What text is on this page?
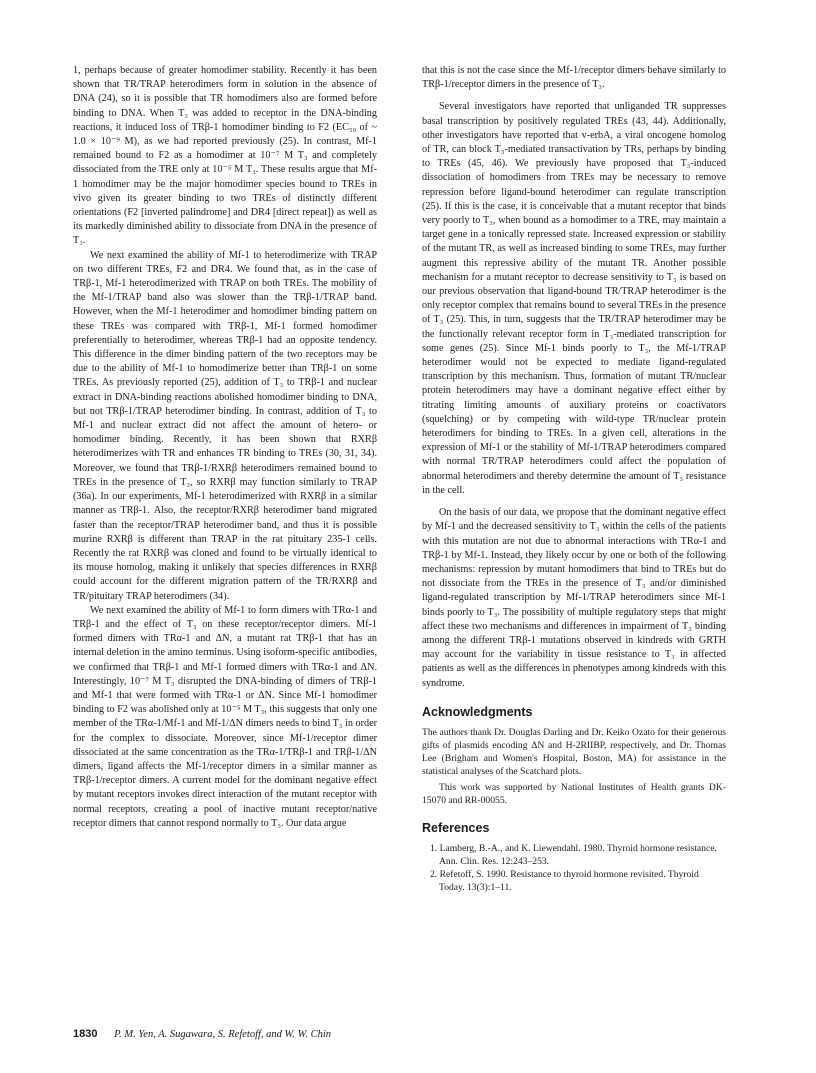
1, perhaps because of greater homodimer stability. Recently it has been shown that TR/TRAP heterodimers form in solution in the absence of DNA (24), so it is possible that TR homodimers also are formed before binding to DNA. When T₃ was added to receptor in the DNA-binding reactions, it induced loss of TRβ-1 homodimer binding to F2 (EC₅₀ of ~ 1.0 × 10⁻⁹ M), as we had reported previously (25). In contrast, Mf-1 remained bound to F2 as a homodimer at 10⁻⁷ M T₃ and completely dissociated from the TRE only at 10⁻⁵ M T₃. These results argue that Mf-1 homodimer may be the major homodimer species bound to TREs in vivo given its greater binding to two TREs of distinctly different orientations (F2 [inverted palindrome] and DR4 [direct repeat]) as well as its markedly diminished ability to dissociate from DNA in the presence of T₃.

We next examined the ability of Mf-1 to heterodimerize with TRAP on two different TREs, F2 and DR4. We found that, as in the case of TRβ-1, Mf-1 heterodimerized with TRAP on both TREs. The mobility of the Mf-1/TRAP band also was slower than the TRβ-1/TRAP band. However, when the Mf-1 heterodimer and homodimer binding pattern on these TREs was compared with TRβ-1, Mf-1 formed homodimer preferentially to heterodimer, whereas TRβ-1 had an opposite tendency. This difference in the dimer binding pattern of the two receptors may be due to the ability of Mf-1 to homodimerize better than TRβ-1 on some TREs. As previously reported (25), addition of T₃ to TRβ-1 and nuclear extract in DNA-binding reactions abolished homodimer binding to DNA, but not TRβ-1/TRAP heterodimer binding. In contrast, addition of T₃ to Mf-1 and nuclear extract did not affect the amount of hetero- or homodimer binding. Recently, it has been shown that RXRβ heterodimerizes with TR and enhances TR binding to TREs (30, 31, 34). Moreover, we found that TRβ-1/RXRβ heterodimers remained bound to TREs in the presence of T₃, so RXRβ may function similarly to TRAP (36a). In our experiments, Mf-1 heterodimerized with RXRβ in a similar manner as TRβ-1. Also, the receptor/RXRβ heterodimer band migrated faster than the receptor/TRAP heterodimer band, and thus it is possible murine RXRβ is different than TRAP in the rat pituitary 235-1 cells. Recently the rat RXRβ was cloned and found to be virtually identical to its mouse homolog, making it unlikely that species differences in RXRβ could account for the different migration pattern of the TR/RXRβ and TR/pituitary TRAP heterodimers (34).

We next examined the ability of Mf-1 to form dimers with TRα-1 and TRβ-1 and the effect of T₃ on these receptor/receptor dimers. Mf-1 formed dimers with TRα-1 and ΔN, a mutant rat TRβ-1 that has an internal deletion in the amino terminus. Using isoform-specific antibodies, we confirmed that TRβ-1 and Mf-1 formed dimers with TRα-1 and ΔN. Interestingly, 10⁻⁷ M T₃ disrupted the DNA-binding of dimers of TRβ-1 and Mf-1 that were formed with TRα-1 or ΔN. Since Mf-1 homodimer binding to F2 was abolished only at 10⁻⁵ M T₃, this suggests that only one member of the TRα-1/Mf-1 and Mf-1/ΔN dimers needs to bind T₃ in order for the complex to dissociate. Moreover, since Mf-1/receptor dimer dissociated at the same concentration as the TRα-1/TRβ-1 and TRβ-1/ΔN dimers, ligand affects the Mf-1/receptor dimers in a similar manner as TRβ-1/receptor dimers. A current model for the dominant negative effect by mutant receptors invokes direct interaction of the mutant receptor with normal receptors, creating a pool of inactive mutant receptor/native receptor dimers that cannot respond normally to T₃. Our data argue

that this is not the case since the Mf-1/receptor dimers behave similarly to TRβ-1/receptor dimers in the presence of T₃.

Several investigators have reported that unliganded TR suppresses basal transcription by positively regulated TREs (43, 44). Additionally, other investigators have reported that v-erbA, a viral oncogene homolog of TR, can block T₃-mediated transactivation by TRs, perhaps by binding to TREs (45, 46). We previously have proposed that T₃-induced dissociation of homodimers from TREs may be necessary to remove repression before ligand-bound heterodimer can regulate transcription (25). If this is the case, it is conceivable that a mutant receptor that binds very poorly to T₃, when bound as a homodimer to a TRE, may maintain a target gene in a tonically repressed state. Increased expression or stability of the mutant TR, as well as increased binding to some TREs, may further augment this repressive ability of the mutant TR. Another possible mechanism for a mutant receptor to decrease sensitivity to T₃ is based on our previous observation that ligand-bound TR/TRAP heterodimer is the only receptor complex that remains bound to several TREs in the presence of T₃ (25). This, in turn, suggests that the TR/TRAP heterodimer may be the functionally relevant receptor form in T₃-mediated transcription for some genes (25). Since Mf-1 binds poorly to T₃, the Mf-1/TRAP heterodimer would not be expected to mediate ligand-regulated transcription by this mechanism. Thus, formation of mutant TR/nuclear protein heterodimers may have a dominant negative effect either by titrating limiting amounts of auxiliary proteins or coactivators (squelching) or by competing with wild-type TR/nuclear protein heterodimers for binding to TREs. In a given cell, alterations in the expression of Mf-1 or the stability of Mf-1/TRAP heterodimers compared with normal TR/TRAP heterodimers could affect the population of abnormal heterodimers and thereby determine the amount of T₃ resistance in the cell.

On the basis of our data, we propose that the dominant negative effect by Mf-1 and the decreased sensitivity to T₃ within the cells of the patients with this mutation are not due to abnormal interactions with TRα-1 and TRβ-1 by Mf-1. Instead, they likely occur by one or both of the following mechanisms: repression by mutant homodimers that bind to TREs but do not dissociate from the TREs in the presence of T₃ and/or diminished ligand-regulated transcription by Mf-1/TRAP heterodimers since Mf-1 binds poorly to T₃. The possibility of multiple regulatory steps that might affect these two mechanisms and differences in impairment of T₃ binding among the different TRβ-1 mutations observed in kindreds with GRTH may account for the variability in tissue resistance to T₃ in affected patients as well as the differences in phenotypes among kindreds with this syndrome.

Acknowledgments

The authors thank Dr. Douglas Darling and Dr. Keiko Ozato for their generous gifts of plasmids encoding ΔN and H-2RIIBP, respectively, and Dr. Thomas Lee (Brigham and Women's Hospital, Boston, MA) for assistance in the statistical analyses of the Scatchard plots.

This work was supported by National Institutes of Health grants DK-15070 and RR-00055.

References
1. Lamberg, B.-A., and K. Liewendahl. 1980. Thyroid hormone resistance. Ann. Clin. Res. 12:243–253.
2. Refetoff, S. 1990. Resistance to thyroid hormone revisited. Thyroid Today. 13(3):1–11.
1830 P. M. Yen, A. Sugawara, S. Refetoff, and W. W. Chin
